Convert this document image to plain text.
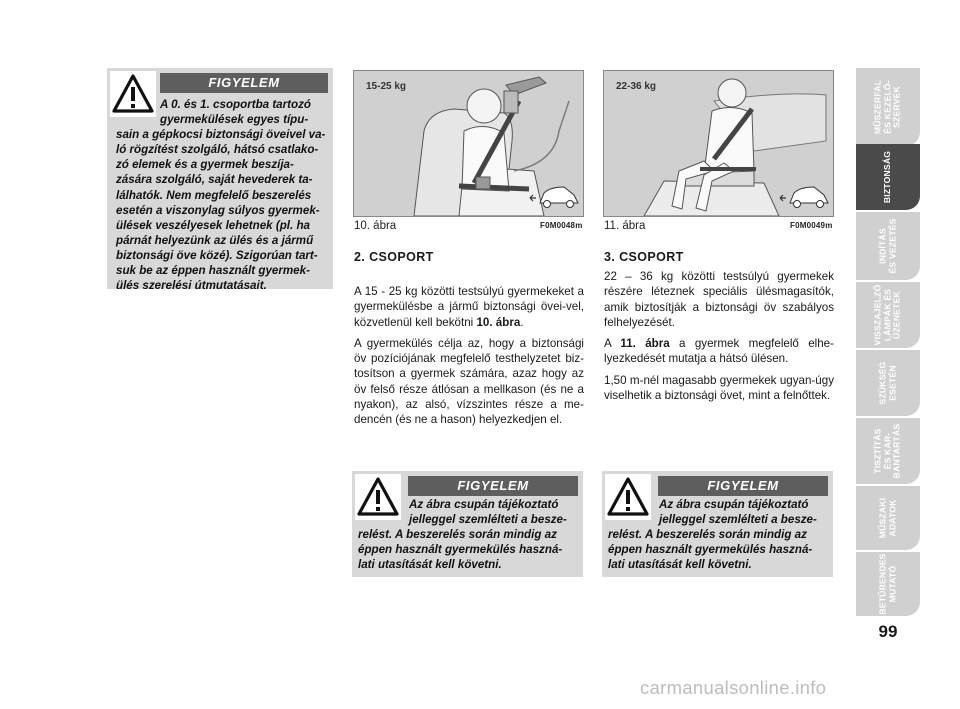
FIGYELEM
A 0. és 1. csoportba tartozó
gyermekülések egyes típu-
sain a gépkocsi biztonsági öveivel va-
ló rögzítést szolgáló, hátsó csatlako-
zó elemek és a gyermek beszíja-
zására szolgáló, saját hevederek ta-
lálhatók. Nem megfelelő beszerelés
esetén a viszonylag súlyos gyermek-
ülések veszélyesek lehetnek (pl. ha
párnát helyezünk az ülés és a jármű
biztonsági öve közé). Szigorúan tart-
suk be az éppen használt gyermek-
ülés szerelési útmutatásait.
15-25 kg
10. ábra	F0M0048m
22-36 kg
11. ábra	F0M0049m
2. CSOPORT

A 15 - 25 kg közötti testsúlyú gyermekeket a gyermekülésbe a jármű biztonsági övei-vel, közvetlenül kell bekötni 10. ábra.

A gyermekülés célja az, hogy a biztonsági öv pozíciójának megfelelő testhelyzetet biz-tosítson a gyermek számára, azaz hogy az öv felső része átlósan a mellkason (és ne a nyakon), az alsó, vízszintes része a me-dencén (és ne a hason) helyezkedjen el.

3. CSOPORT

22 – 36 kg közötti testsúlyú gyermekek részére léteznek speciális ülésmagasítók, amik biztosítják a biztonsági öv szabályos felhelyezését.

A 11. ábra a gyermek megfelelő elhe-lyezkedését mutatja a hátsó ülésen.

1,50 m-nél magasabb gyermekek ugyan-úgy viselhetik a biztonsági övet, mint a felnőttek.

FIGYELEM
Az ábra csupán tájékoztató
jelleggel szemlélteti a besze-
relést. A beszerelés során mindig az
éppen használt gyermekülés haszná-
lati utasítását kell követni.
FIGYELEM
Az ábra csupán tájékoztató
jelleggel szemlélteti a besze-
relést. A beszerelés során mindig az
éppen használt gyermekülés haszná-
lati utasítását kell követni.
MŰSZERFAL
ÉS KEZELŐ-
SZERVEK
BIZTONSÁG
INDÍTÁS
ÉS VEZETÉS
VISSZAJELZŐ
LÁMPÁK ÉS
ÜZENETEK
SZÜKSÉG
ESETÉN
TISZTÍTÁS
ÉS KAR-
BANTARTÁS
MŰSZAKI
ADATOK
BETŰRENDES
MUTATÓ
99
carmanualsonline.info
